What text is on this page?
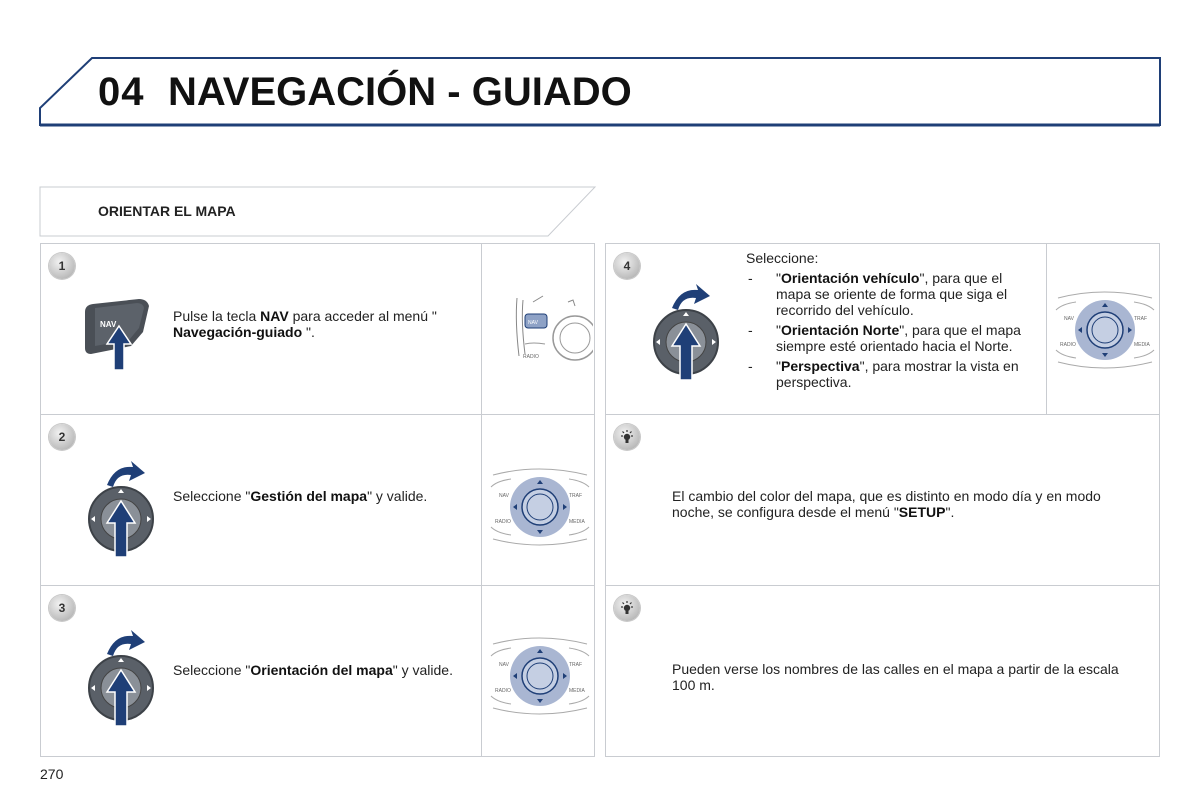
04 NAVEGACIÓN - GUIADO
ORIENTAR EL MAPA
1
NAV
Pulse la tecla NAV para acceder al menú " Navegación-guiado ".
NAV
RADIO
2
Seleccione "Gestión del mapa" y valide.	NAV	TRAF
RADIO	MEDIA
3
Seleccione "Orientación del mapa" y valide.	NAV	TRAF
RADIO	MEDIA
4	Seleccione:
- "Orientación vehículo", para que el mapa se oriente de forma que siga el recorrido del vehículo.
- "Orientación Norte", para que el mapa siempre esté orientado hacia el Norte.
- "Perspectiva", para mostrar la vista en perspectiva.
NAV	TRAF
RADIO	MEDIA
El cambio del color del mapa, que es distinto en modo día y en modo noche, se configura desde el menú "SETUP".
Pueden verse los nombres de las calles en el mapa a partir de la escala 100 m.
270
